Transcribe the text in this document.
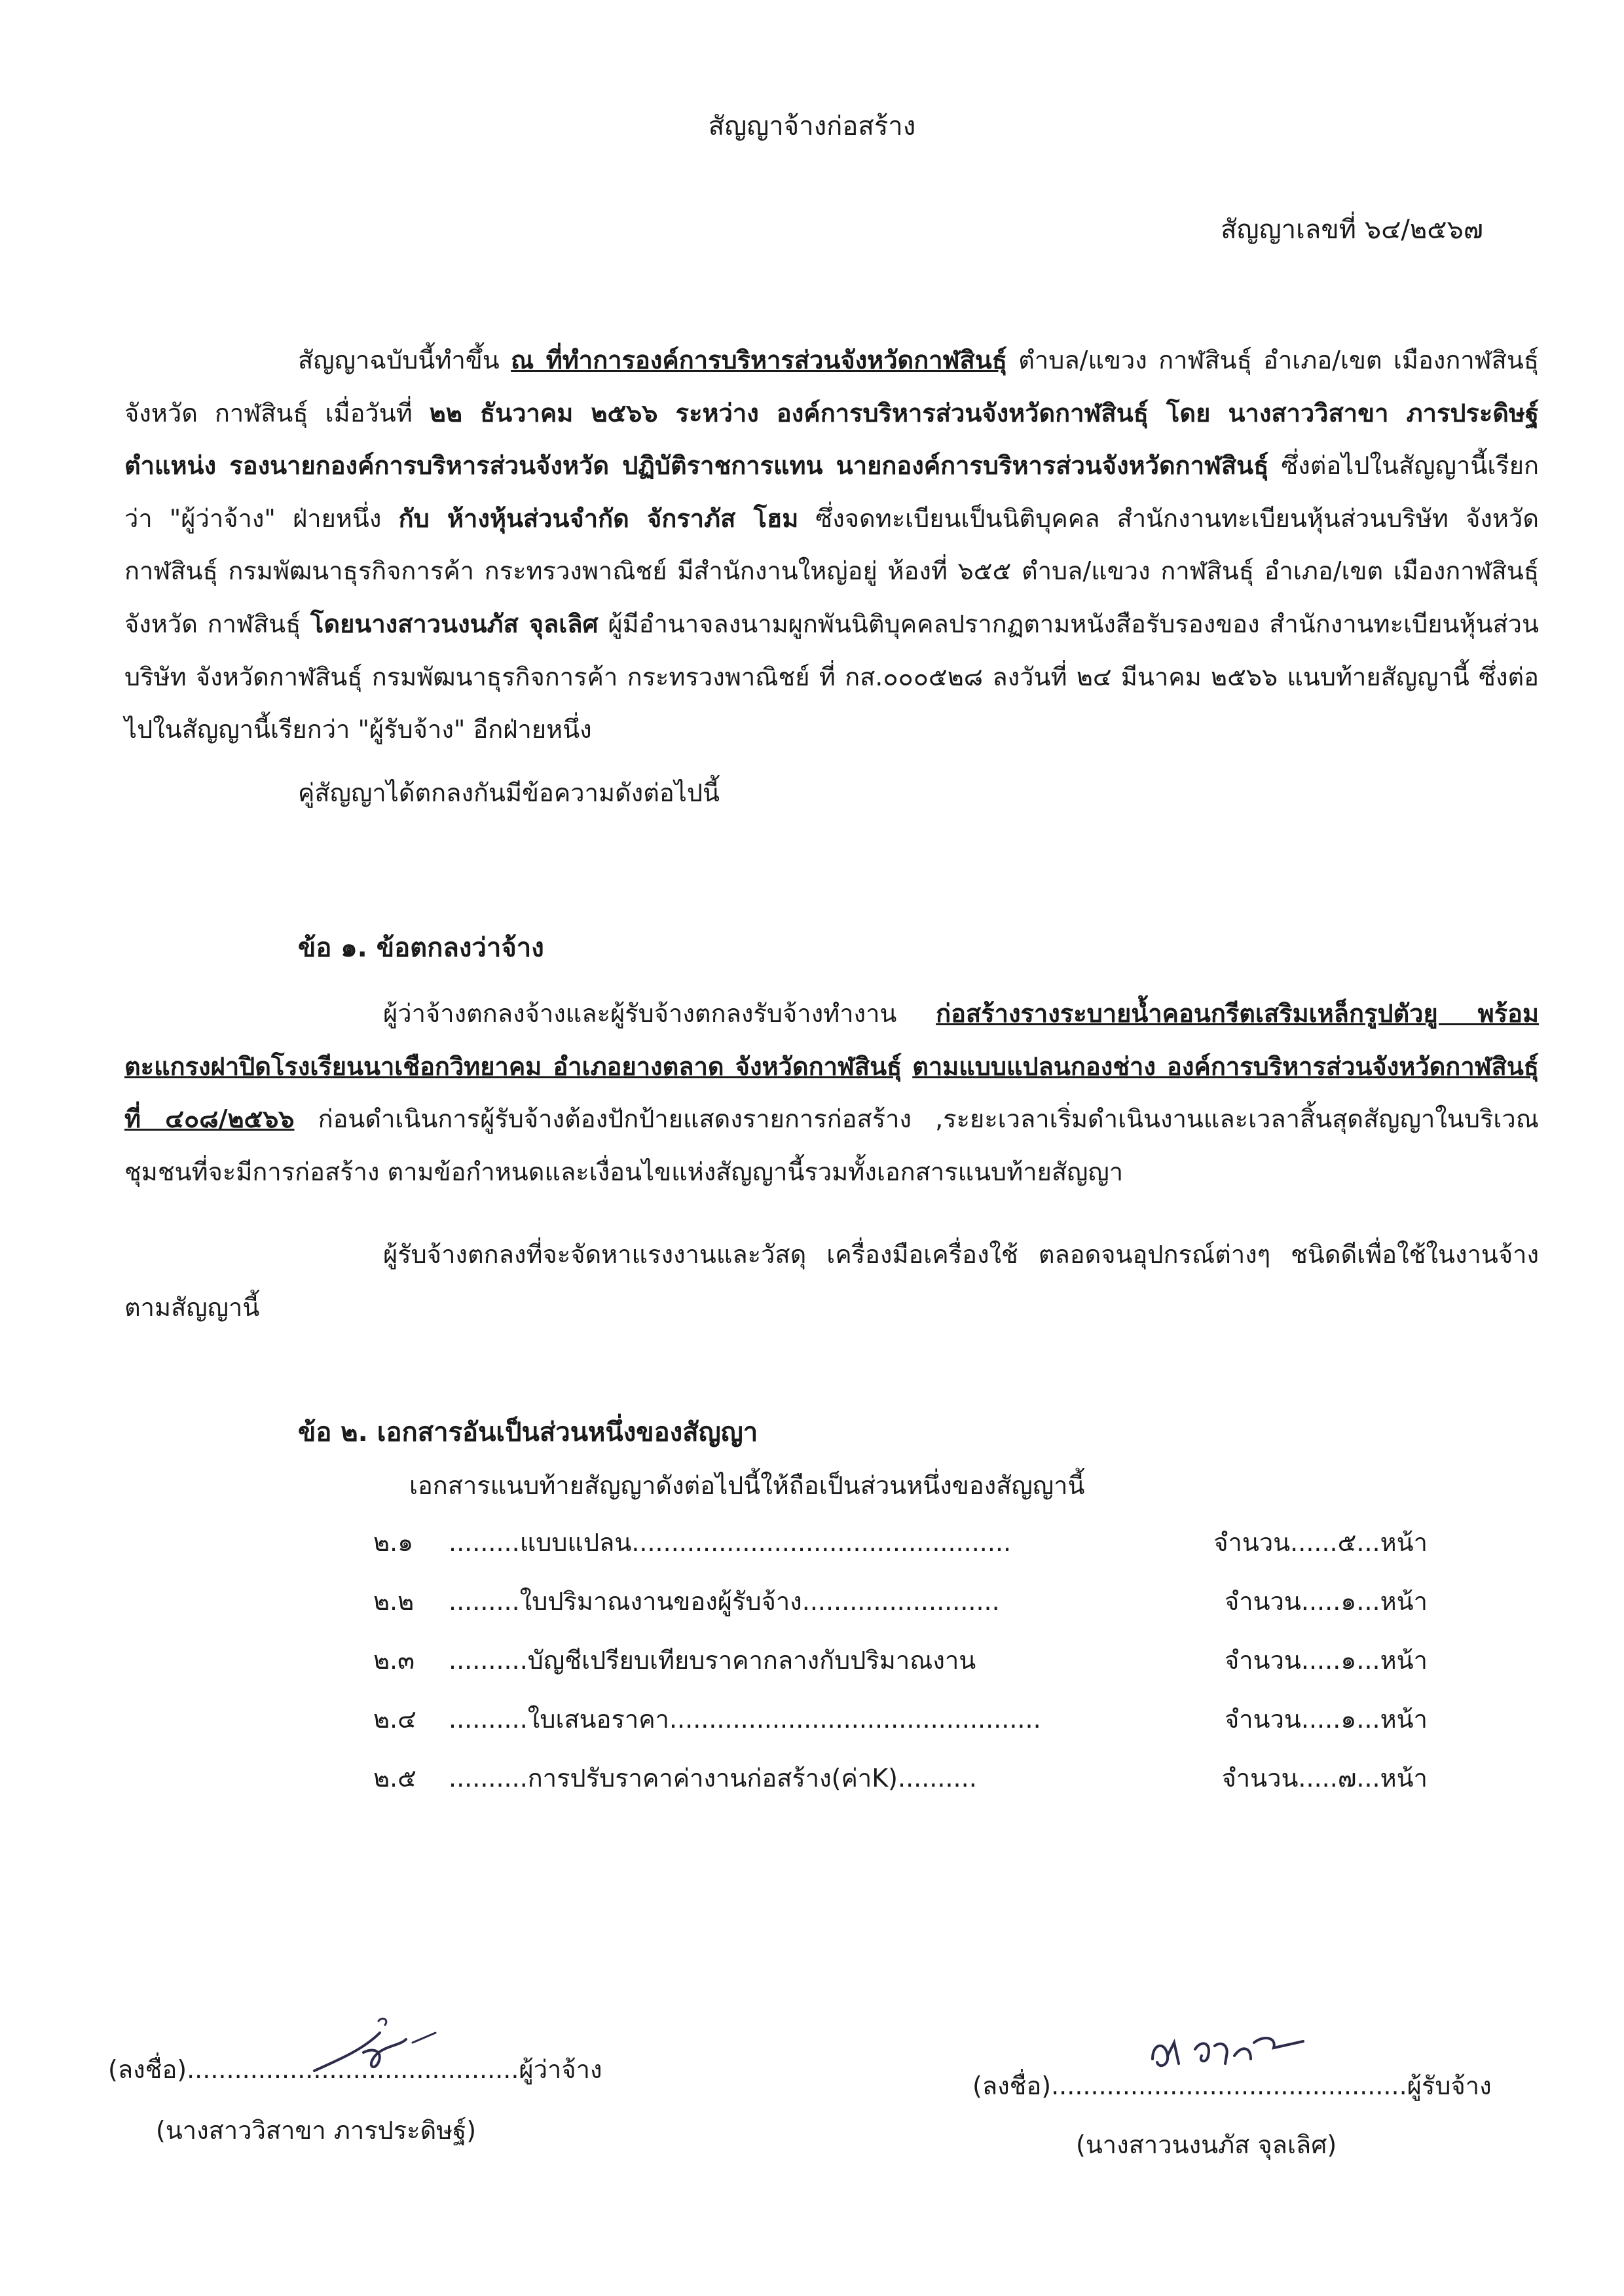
สัญญาจ้างก่อสร้าง
สัญญาเลขที่ ๖๔/๒๕๖๗
สัญญาฉบับนี้ทำขึ้น ณ ที่ทำการองค์การบริหารส่วนจังหวัดกาฬสินธุ์ ตำบล/แขวง กาฬสินธุ์ อำเภอ/เขต เมืองกาฬสินธุ์ จังหวัด กาฬสินธุ์ เมื่อวันที่ ๒๒ ธันวาคม ๒๕๖๖ ระหว่าง องค์การบริหารส่วนจังหวัดกาฬสินธุ์ โดย นางสาววิสาขา ภารประดิษฐ์ ตำแหน่ง รองนายกองค์การบริหารส่วนจังหวัด ปฏิบัติราชการแทน นายกองค์การบริหารส่วนจังหวัดกาฬสินธุ์ ซึ่งต่อไปในสัญญานี้เรียกว่า "ผู้ว่าจ้าง" ฝ่ายหนึ่ง กับ ห้างหุ้นส่วนจำกัด จักราภัส โฮม ซึ่งจดทะเบียนเป็นนิติบุคคล สำนักงานทะเบียนหุ้นส่วนบริษัท จังหวัดกาฬสินธุ์ กรมพัฒนาธุรกิจการค้า กระทรวงพาณิชย์ มีสำนักงานใหญ่อยู่ ห้องที่ ๖๕๕ ตำบล/แขวง กาฬสินธุ์ อำเภอ/เขต เมืองกาฬสินธุ์ จังหวัด กาฬสินธุ์ โดยนางสาวนงนภัส จุลเลิศ ผู้มีอำนาจลงนามผูกพันนิติบุคคลปรากฏตามหนังสือรับรองของ สำนักงานทะเบียนหุ้นส่วนบริษัท จังหวัดกาฬสินธุ์ กรมพัฒนาธุรกิจการค้า กระทรวงพาณิชย์ ที่ กส.๐๐๐๕๒๘ ลงวันที่ ๒๔ มีนาคม ๒๕๖๖ แนบท้ายสัญญานี้ ซึ่งต่อไปในสัญญานี้เรียกว่า "ผู้รับจ้าง" อีกฝ่ายหนึ่ง
คู่สัญญาได้ตกลงกันมีข้อความดังต่อไปนี้
ข้อ ๑. ข้อตกลงว่าจ้าง
ผู้ว่าจ้างตกลงจ้างและผู้รับจ้างตกลงรับจ้างทำงาน ก่อสร้างรางระบายน้ำคอนกรีตเสริมเหล็กรูปตัวยู พร้อมตะแกรงฝาปิดโรงเรียนนาเชือกวิทยาคม อำเภอยางตลาด จังหวัดกาฬสินธุ์ ตามแบบแปลนกองช่าง องค์การบริหารส่วนจังหวัดกาฬสินธุ์ ที่ ๔๐๘/๒๕๖๖ ก่อนดำเนินการผู้รับจ้างต้องปักป้ายแสดงรายการก่อสร้าง ,ระยะเวลาเริ่มดำเนินงานและเวลาสิ้นสุดสัญญาในบริเวณชุมชนที่จะมีการก่อสร้าง ตามข้อกำหนดและเงื่อนไขแห่งสัญญานี้รวมทั้งเอกสารแนบท้ายสัญญา
ผู้รับจ้างตกลงที่จะจัดหาแรงงานและวัสดุ เครื่องมือเครื่องใช้ ตลอดจนอุปกรณ์ต่างๆ ชนิดดีเพื่อใช้ในงานจ้างตามสัญญานี้
ข้อ ๒. เอกสารอันเป็นส่วนหนึ่งของสัญญา
เอกสารแนบท้ายสัญญาดังต่อไปนี้ให้ถือเป็นส่วนหนึ่งของสัญญานี้
๒.๑ .........แบบแปลน................................................	จำนวน......๕...หน้า
๒.๒ .........ใบปริมาณงานของผู้รับจ้าง.........................	จำนวน.....๑...หน้า
๒.๓ ..........บัญชีเปรียบเทียบราคากลางกับปริมาณงาน	จำนวน.....๑...หน้า
๒.๔ ..........ใบเสนอราคา...............................................	จำนวน.....๑...หน้า
๒.๕ ..........การปรับราคาค่างานก่อสร้าง(ค่าK)..........	จำนวน.....๗...หน้า
(ลงชื่อ)..........................................ผู้ว่าจ้าง
(นางสาววิสาขา ภารประดิษฐ์)
(ลงชื่อ).............................................ผู้รับจ้าง
(นางสาวนงนภัส จุลเลิศ)
